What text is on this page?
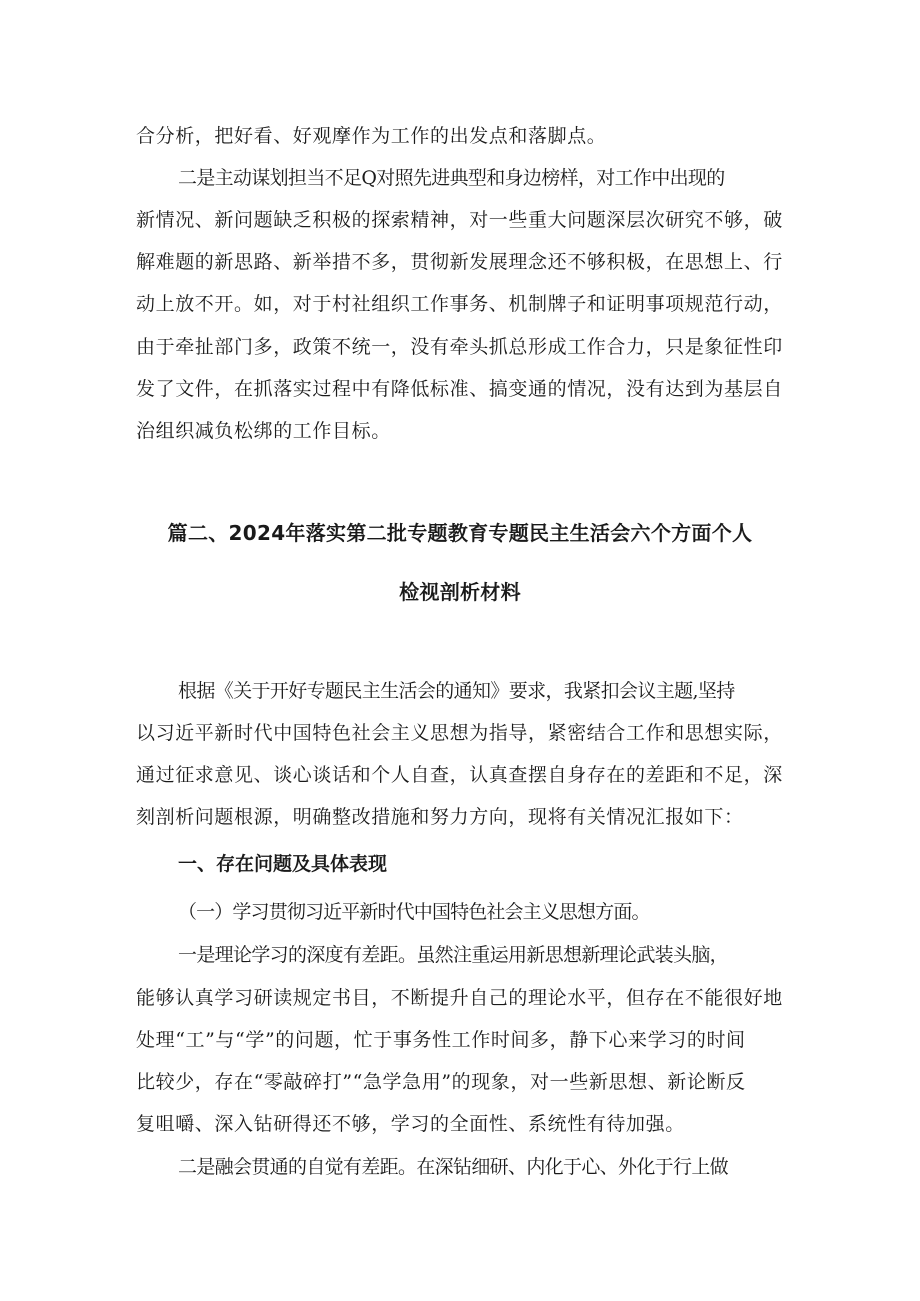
合分析，把好看、好观摩作为工作的出发点和落脚点。
二是主动谋划担当不足Q对照先进典型和身边榜样，对工作中出现的
新情况、新问题缺乏积极的探索精神，对一些重大问题深层次研究不够，破
解难题的新思路、新举措不多，贯彻新发展理念还不够积极，在思想上、行
动上放不开。如，对于村社组织工作事务、机制牌子和证明事项规范行动，
由于牵扯部门多，政策不统一，没有牵头抓总形成工作合力，只是象征性印
发了文件，在抓落实过程中有降低标准、搞变通的情况，没有达到为基层自
治组织减负松绑的工作目标。
篇二、2024年落实第二批专题教育专题民主生活会六个方面个人
检视剖析材料
根据《关于开好专题民主生活会的通知》要求，我紧扣会议主题,坚持
以习近平新时代中国特色社会主义思想为指导，紧密结合工作和思想实际，
通过征求意见、谈心谈话和个人自查，认真查摆自身存在的差距和不足，深
刻剖析问题根源，明确整改措施和努力方向，现将有关情况汇报如下：
一、存在问题及具体表现
（一）学习贯彻习近平新时代中国特色社会主义思想方面。
一是理论学习的深度有差距。虽然注重运用新思想新理论武装头脑，
能够认真学习研读规定书目，不断提升自己的理论水平，但存在不能很好地
处理“工”与“学”的问题，忙于事务性工作时间多，静下心来学习的时间
比较少，存在“零敲碎打”“急学急用”的现象，对一些新思想、新论断反
复咀嚼、深入钻研得还不够，学习的全面性、系统性有待加强。
二是融会贯通的自觉有差距。在深钻细研、内化于心、外化于行上做
